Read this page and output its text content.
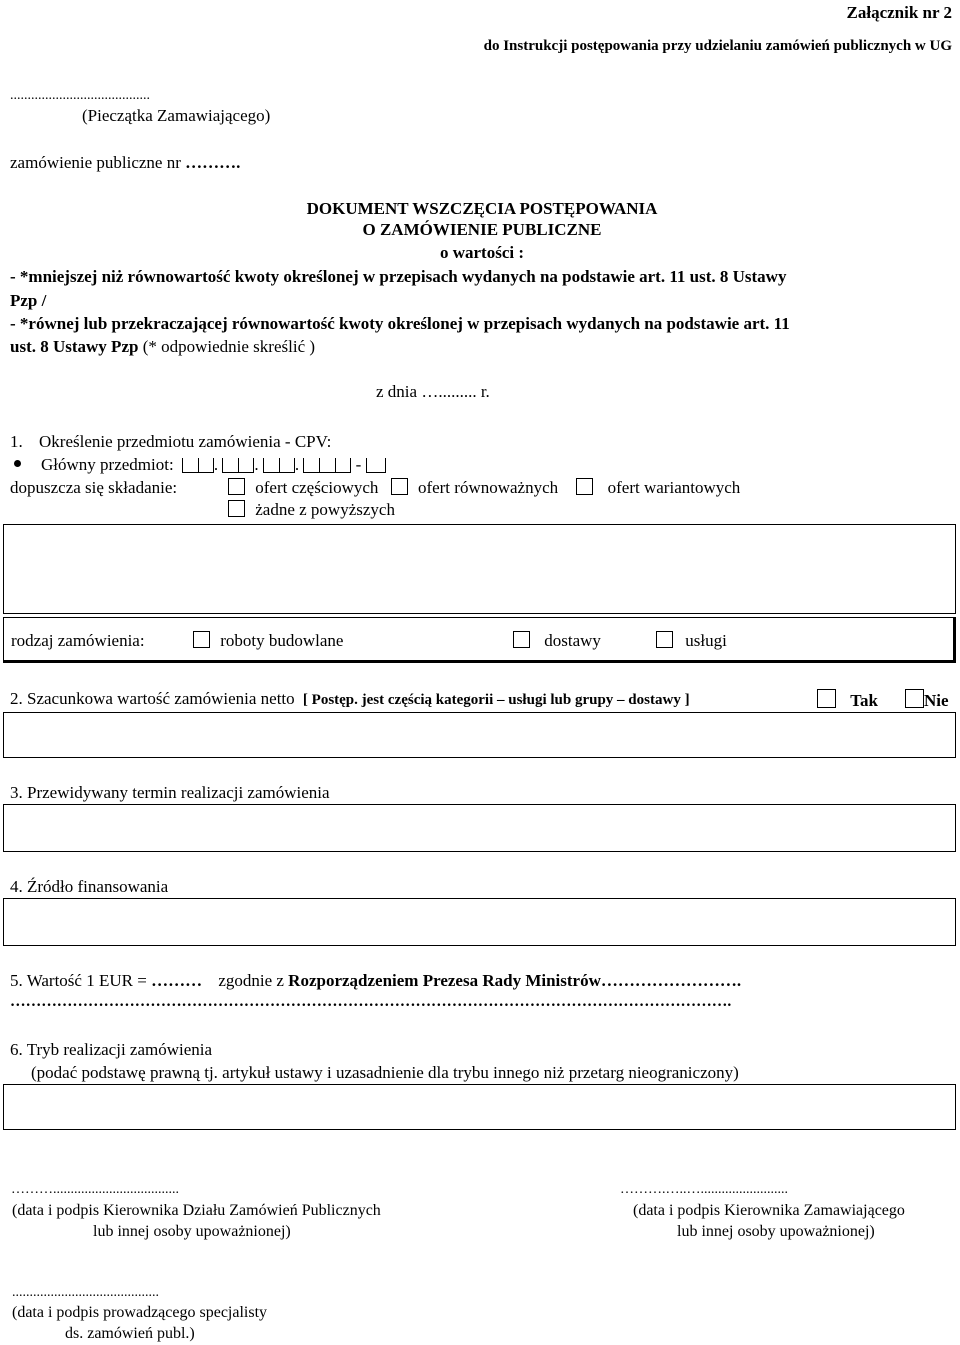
Załącznik nr 2
do Instrukcji postępowania przy udzielaniu zamówień publicznych w UG
........................................
(Pieczątka Zamawiającego)
zamówienie publiczne nr ……….
DOKUMENT WSZCZĘCIA POSTĘPOWANIA
O ZAMÓWIENIE PUBLICZNE
o wartości :
- *mniejszej niż równowartość kwoty określonej w przepisach wydanych na podstawie art. 11 ust. 8 Ustawy
Pzp /
- *równej lub przekraczającej równowartość kwoty określonej w przepisach wydanych na podstawie art. 11
ust. 8 Ustawy Pzp (* odpowiednie skreślić )
z dnia …......... r.
1. Określenie przedmiotu zamówienia - CPV:
Główny przedmiot: . . .	-
dopuszcza się składanie:	ofert częściowych ofert równoważnych	ofert wariantowych
żadne z powyższych
rodzaj zamówienia:	roboty budowlane	dostawy	usługi
2. Szacunkowa wartość zamówienia netto [ Postęp. jest częścią kategorii – usługi lub grupy – dostawy ]	Tak	Nie
3. Przewidywany termin realizacji zamówienia
4. Źródło finansowania
5. Wartość 1 EUR = ……… zgodnie z Rozporządzeniem Prezesa Rady Ministrów…………………….
………………………………………………………………………………………………………………………….
6. Tryb realizacji zamówienia
(podać podstawę prawną tj. artykuł ustawy i uzasadnienie dla trybu innego niż przetarg nieograniczony)
………....................................
(data i podpis Kierownika Działu Zamówień Publicznych
lub innej osoby upoważnionej)
……….…..….........................
(data i podpis Kierownika Zamawiającego
lub innej osoby upoważnionej)
..........................................
(data i podpis prowadzącego specjalisty
ds. zamówień publ.)
